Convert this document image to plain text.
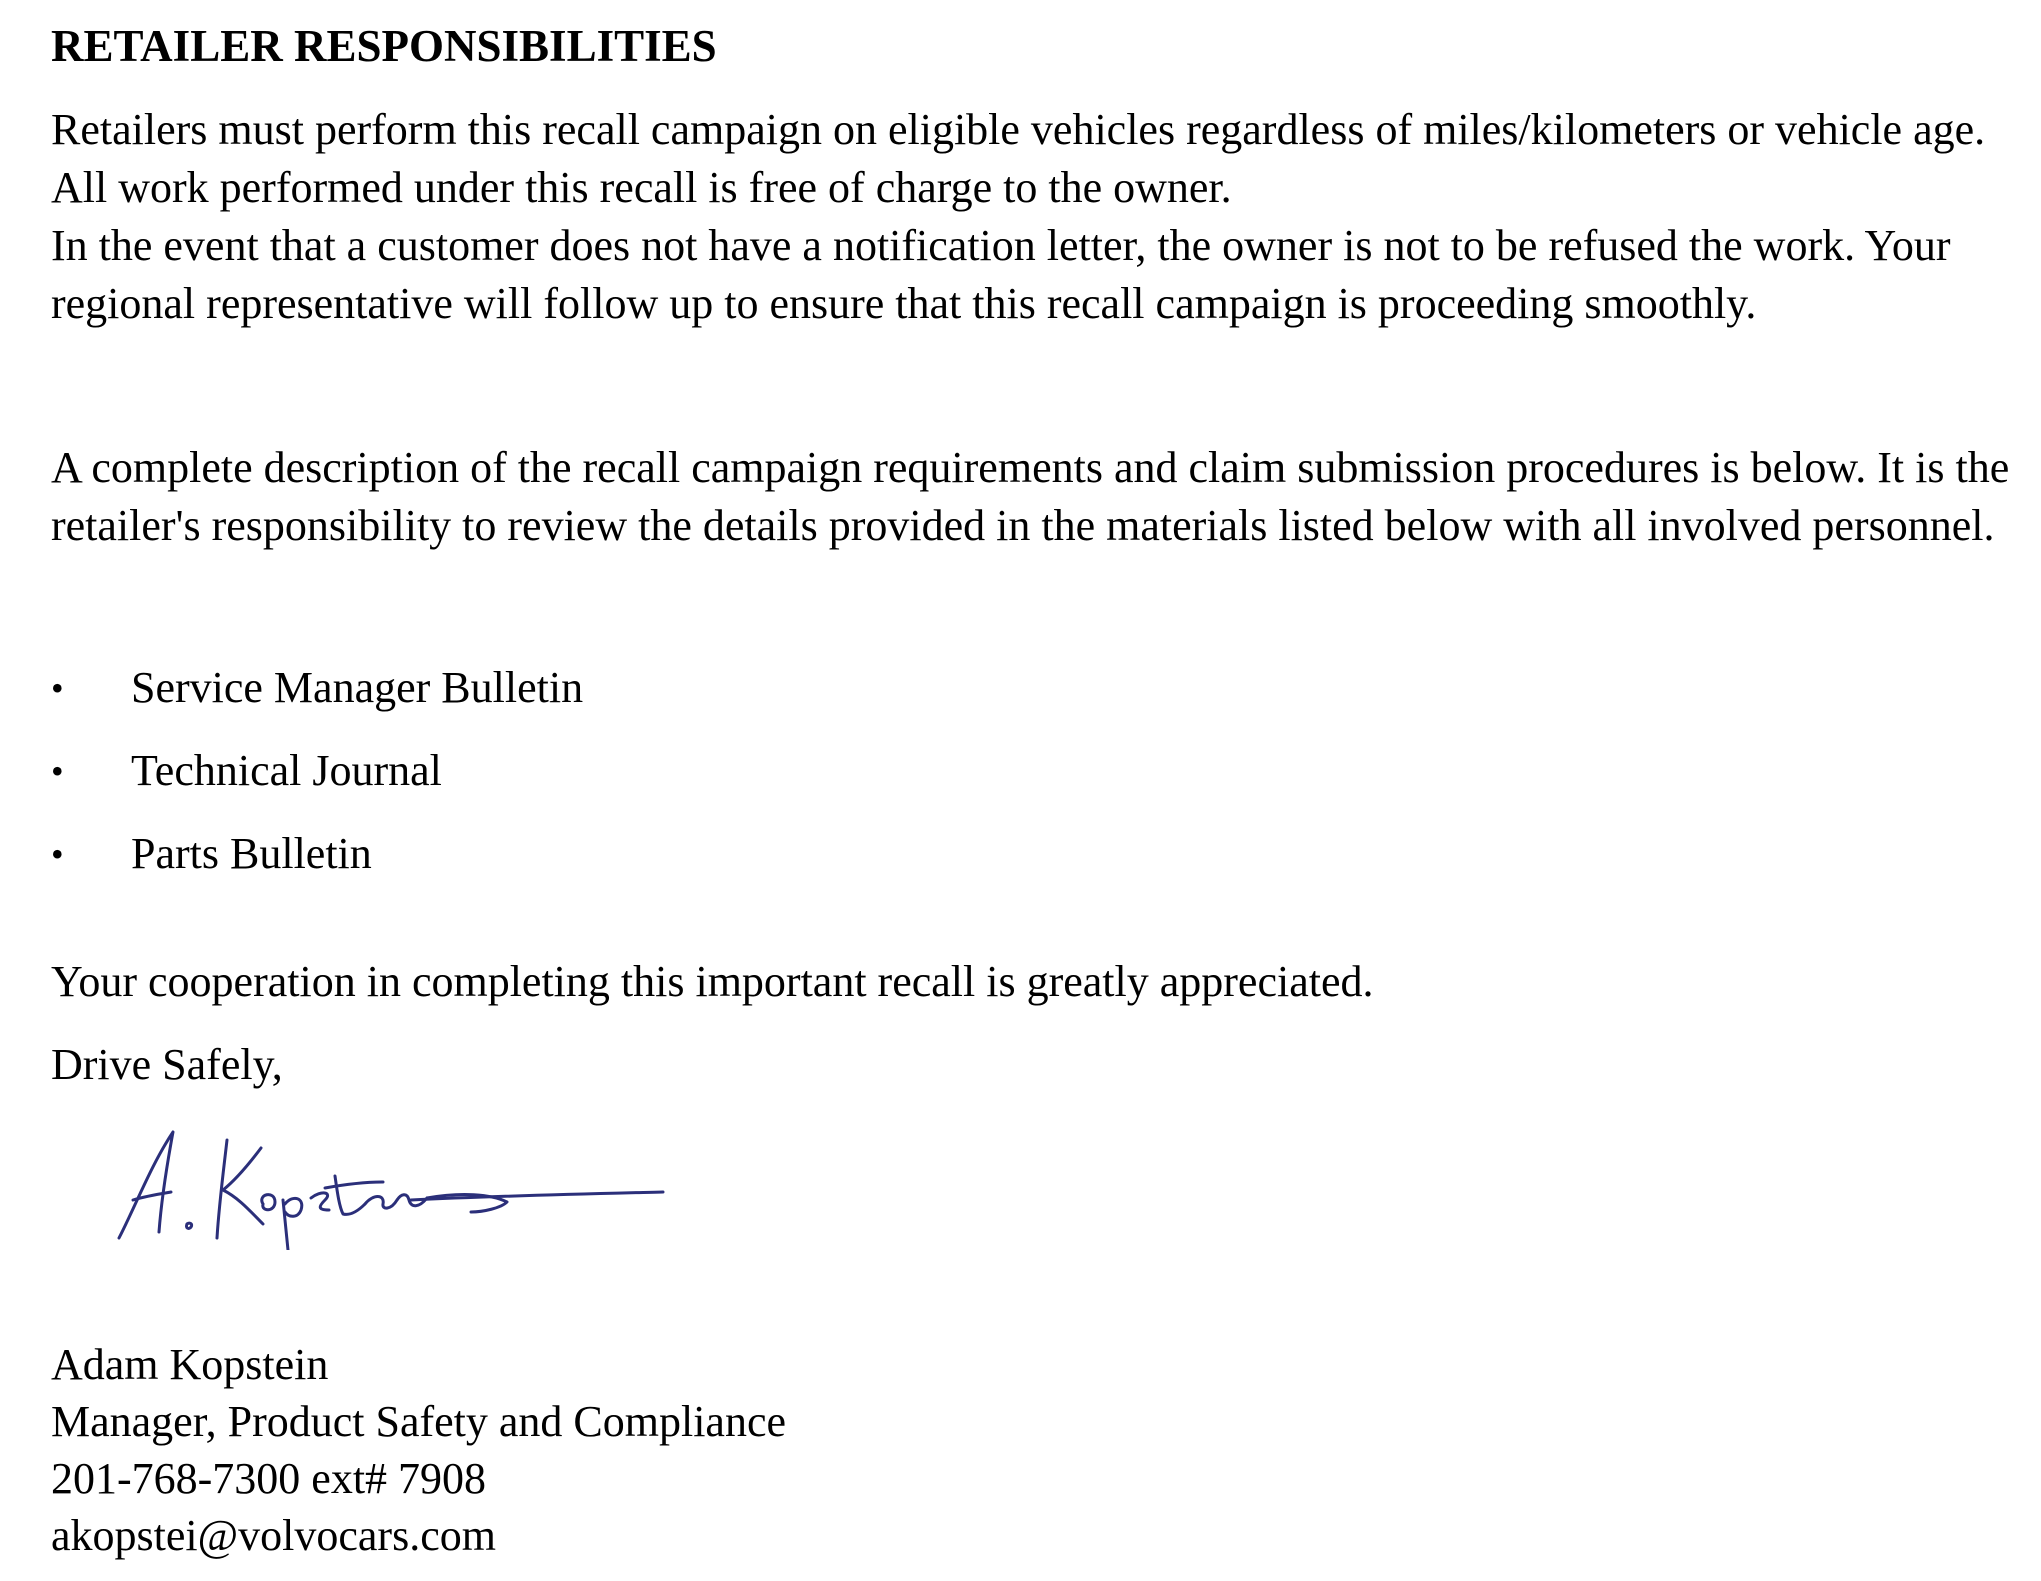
RETAILER RESPONSIBILITIES
Retailers must perform this recall campaign on eligible vehicles regardless of miles/kilometers or vehicle age. All work performed under this recall is free of charge to the owner.
In the event that a customer does not have a notification letter, the owner is not to be refused the work. Your regional representative will follow up to ensure that this recall campaign is proceeding smoothly.
A complete description of the recall campaign requirements and claim submission procedures is below. It is the retailer's responsibility to review the details provided in the materials listed below with all involved personnel.
• Service Manager Bulletin
• Technical Journal
• Parts Bulletin
Your cooperation in completing this important recall is greatly appreciated.
Drive Safely,
Adam Kopstein
Manager, Product Safety and Compliance
201-768-7300 ext# 7908
akopstei@volvocars.com
